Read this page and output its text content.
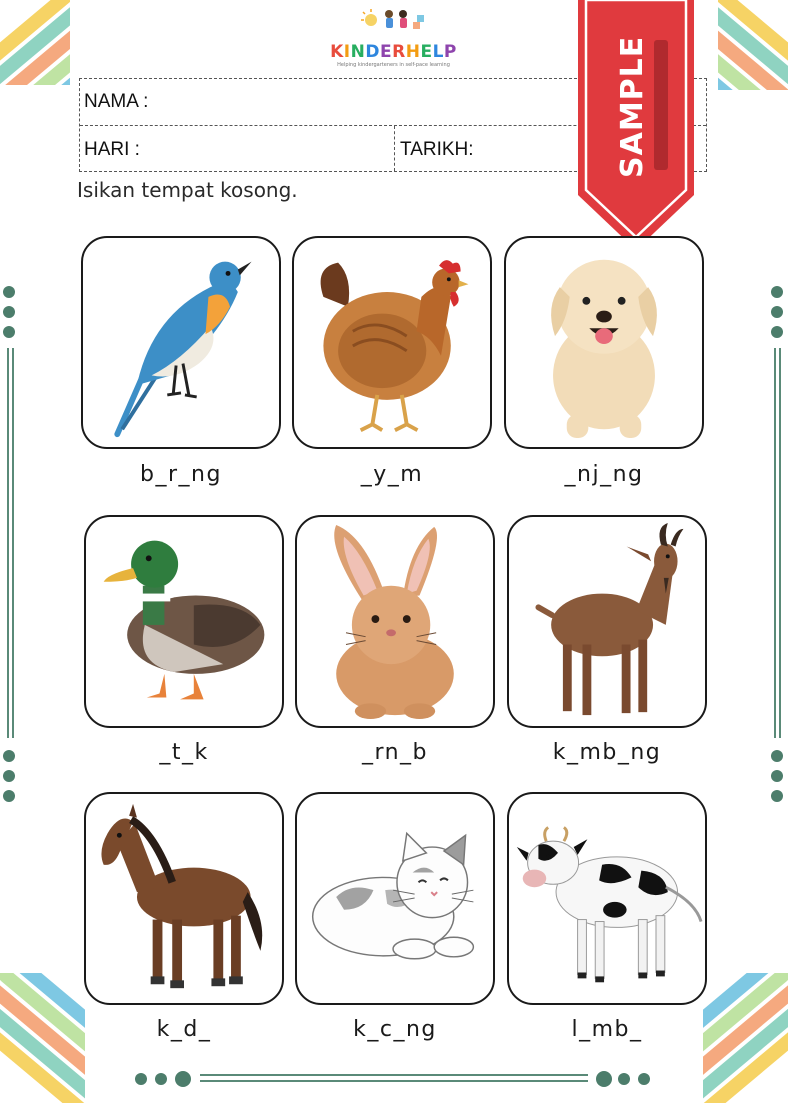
KINDERHELP
Helping kindergarteners in self-pace learning
NAMA :
HARI :	TARIKH:
Isikan tempat kosong.
SAMPLE
b_r_ng	_y_m	_nj_ng
_t_k	_rn_b	k_mb_ng
k_d_	k_c_ng	l_mb_
